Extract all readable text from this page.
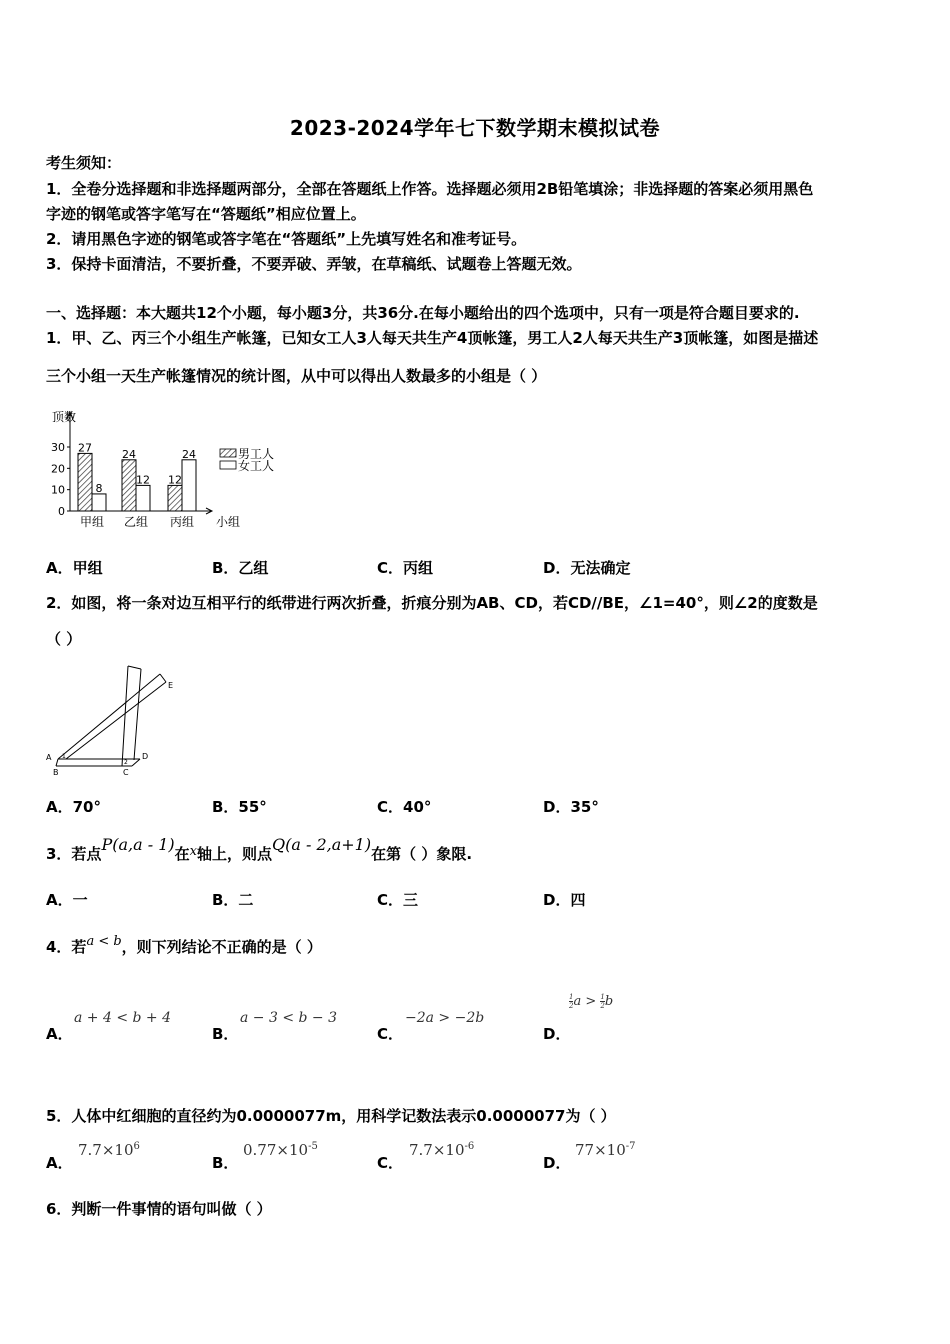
2023-2024学年七下数学期末模拟试卷
考生须知：
1．全卷分选择题和非选择题两部分，全部在答题纸上作答。选择题必须用2B铅笔填涂；非选择题的答案必须用黑色
字迹的钢笔或答字笔写在“答题纸”相应位置上。
2．请用黑色字迹的钢笔或答字笔在“答题纸”上先填写姓名和准考证号。
3．保持卡面清洁，不要折叠，不要弄破、弄皱，在草稿纸、试题卷上答题无效。
一、选择题：本大题共12个小题，每小题3分，共36分.在每小题给出的四个选项中，只有一项是符合题目要求的.
1．甲、乙、丙三个小组生产帐篷，已知女工人3人每天共生产4顶帐篷，男工人2人每天共生产3顶帐篷，如图是描述
三个小组一天生产帐篷情况的统计图，从中可以得出人数最多的小组是（ ）
顶数
0
10
20
30 27
8
甲组
24
12
乙组
12
24
丙组
男工人
女工人
小组
A．甲组	B．乙组	C．丙组	D．无法确定
2．如图，将一条对边互相平行的纸带进行两次折叠，折痕分别为AB、CD，若CD//BE，∠1=40°，则∠2的度数是
（ ）
A
B	C
D
E
1
2
A．70°	B．55°	C．40°	D．35°
3．若点P(a,a - 1)在x轴上，则点Q(a - 2,a+1)在第（ ）象限.
A．一	B．二	C．三	D．四
4．若a < b，则下列结论不正确的是（ ）
A．
a + 4 < b + 4
B．
a − 3 < b − 3
C．
−2a > −2b
D．
$\frac{1}{2}$ $a > \frac{1}{2}$ b
5．人体中红细胞的直径约为0.0000077m，用科学记数法表示0.0000077为（ ）
A．
$7.7\times 10^6$
B．
$0.77\times 10^{-5}$
C．
$7.7\times 10^{-6}$
D．
$77\times 10^{-7}$
6．判断一件事情的语句叫做（ ）
